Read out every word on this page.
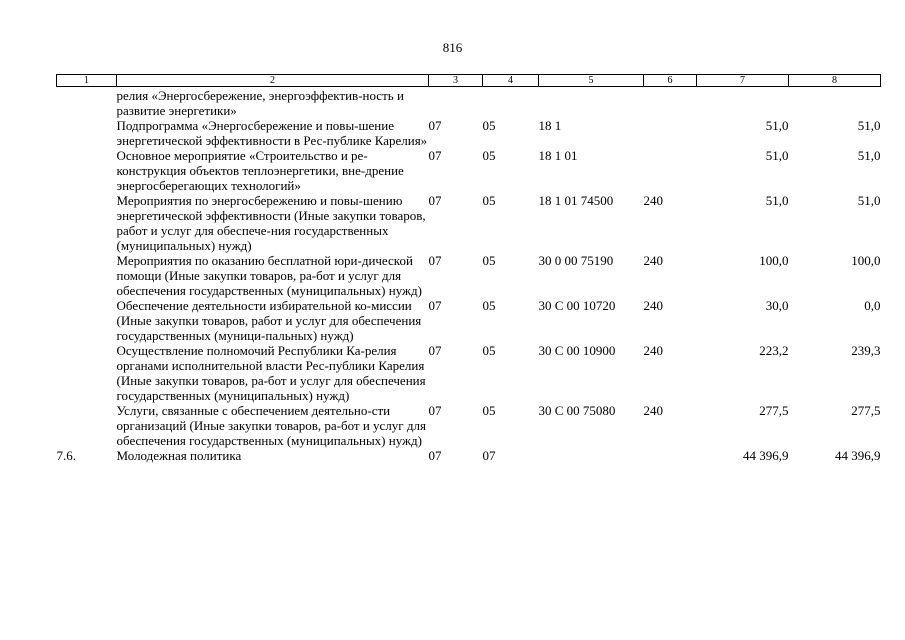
816
1	2	3	4	5	6	7	8
	релия «Энергосбережение, энергоэффектив-ность и развитие энергетики»						
	Подпрограмма «Энергосбережение и повы-шение энергетической эффективности в Рес-публике Карелия»	07	05	18 1		51,0	51,0
	Основное мероприятие «Строительство и ре-конструкция объектов теплоэнергетики, вне-дрение энергосберегающих технологий»	07	05	18 1 01		51,0	51,0
	Мероприятия по энергосбережению и повы-шению энергетической эффективности (Иные закупки товаров, работ и услуг для обеспече-ния государственных (муниципальных) нужд)	07	05	18 1 01 74500	240	51,0	51,0
	Мероприятия по оказанию бесплатной юри-дической помощи (Иные закупки товаров, ра-бот и услуг для обеспечения государственных (муниципальных) нужд)	07	05	30 0 00 75190	240	100,0	100,0
	Обеспечение деятельности избирательной ко-миссии (Иные закупки товаров, работ и услуг для обеспечения государственных (муници-пальных) нужд)	07	05	30 С 00 10720	240	30,0	0,0
	Осуществление полномочий Республики Ка-релия органами исполнительной власти Рес-публики Карелия (Иные закупки товаров, ра-бот и услуг для обеспечения государственных (муниципальных) нужд)	07	05	30 С 00 10900	240	223,2	239,3
	Услуги, связанные с обеспечением деятельно-сти организаций (Иные закупки товаров, ра-бот и услуг для обеспечения государственных (муниципальных) нужд)	07	05	30 С 00 75080	240	277,5	277,5
7.6.	Молодежная политика	07	07			44 396,9	44 396,9
